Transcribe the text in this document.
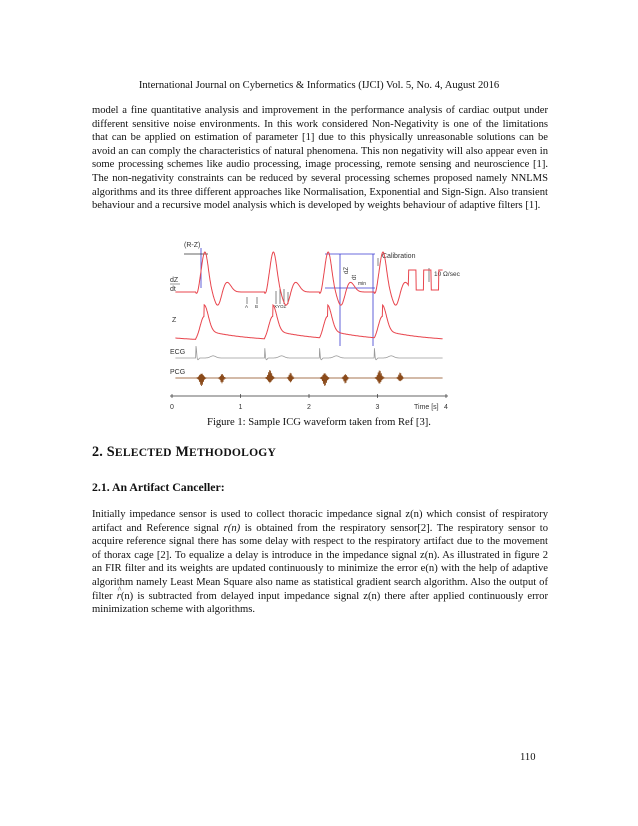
International Journal on Cybernetics & Informatics (IJCI) Vol. 5, No. 4, August 2016
model a fine quantitative analysis and improvement in the performance analysis of cardiac output under different sensitive noise environments. In this work considered Non-Negativity is one of the limitations that can be applied on estimation of parameter [1] due to this physically unreasonable solutions can be avoid an can comply the characteristics of natural phenomena. This non negativity will also appear even in some processing schemes like audio processing, image processing, remote sensing and neuroscience [1]. The non-negativity constraints can be reduced by several processing schemes proposed namely NNLMS algorithms and its three different approaches like Normalisation, Exponential and Sign-Sign. Also transient behaviour and a recursive model analysis which is developed by weights behaviour of adaptive filters [1].
(R-Z)
dZ
dt
dZ
dt
min
Calibration
10 Ω/sec
A B	XYOZ
Z
ECG
PCG
0	1	2	3	4
Time [s]
Figure 1: Sample ICG waveform taken from Ref [3].
2. SELECTED METHODOLOGY
2.1. An Artifact Canceller:
Initially impedance sensor is used to collect thoracic impedance signal z(n) which consist of respiratory artifact and Reference signal r(n) is obtained from the respiratory sensor[2]. The respiratory sensor to acquire reference signal there has some delay with respect to the respiratory artifact due to the movement of thorax cage [2]. To equalize a delay is introduce in the impedance signal z(n). As illustrated in figure 2 an FIR filter and its weights are updated continuously to minimize the error e(n) with the help of adaptive algorithm namely Least Mean Square also name as statistical gradient search algorithm. Also the output of filter r ^(n) is subtracted from delayed input impedance signal z(n) there after applied continuously error minimization scheme with algorithms.
110
